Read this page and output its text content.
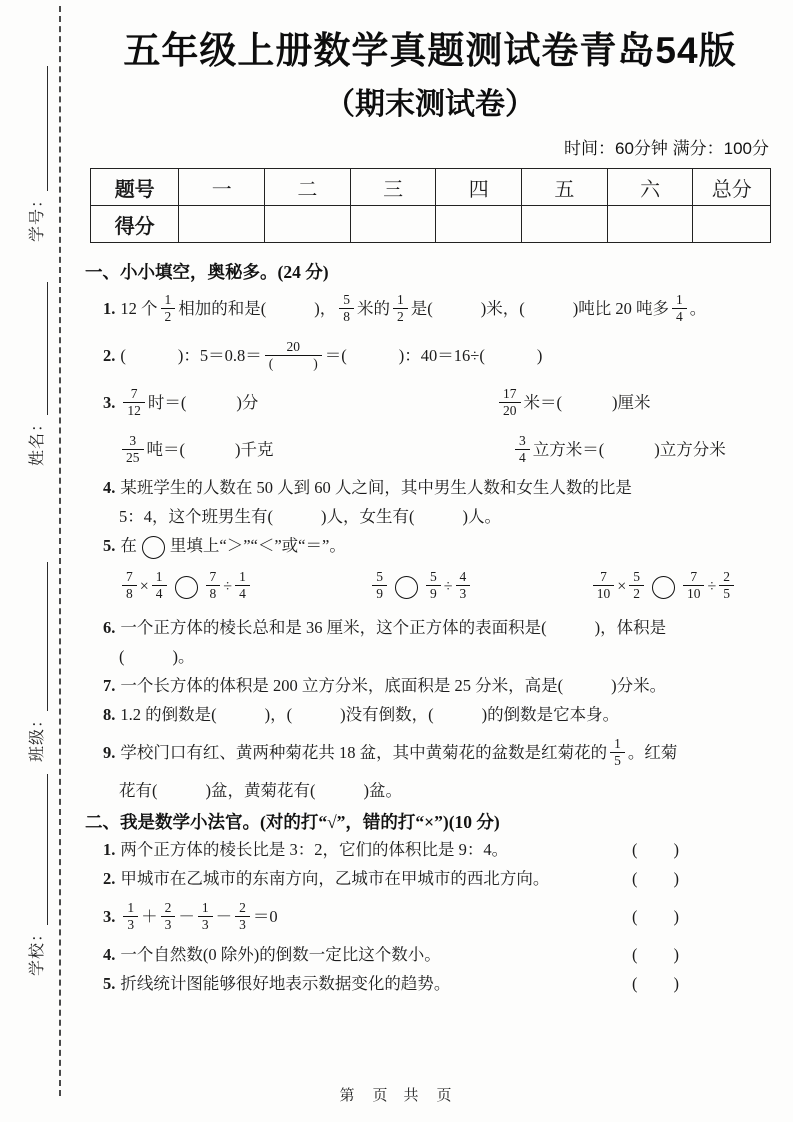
学号：
姓名：
班级：
学校：
五年级上册数学真题测试卷青岛54版
（期末测试卷）
时间：60分钟 满分：100分
题号	一	二	三	四	五	六	总分
得分							
一、小小填空，奥秘多。(24 分)
1. 12 个 $\frac{1}{2}$ 相加的和是(	)， $\frac{5}{8}$ 米的 $\frac{1}{2}$ 是(	)米，(	)吨比 20 吨多 $\frac{1}{4}$ 。
2. (	)：5＝0.8＝ 20
(	) ＝(	)：40＝16÷(	)
3. $\frac{7}{12}$ 时＝(	)分	$\frac{17}{20}$ 米＝(	)厘米
$\frac{3}{25}$ 吨＝(	)千克	$\frac{3}{4}$ 立方米＝(	)立方分米
4. 某班学生的人数在 50 人到 60 人之间，其中男生人数和女生人数的比是
5：4，这个班男生有(	)人，女生有(	)人。
5. 在 里填上“＞”“＜”或“＝”。
$\frac{7}{8} \times \frac{1}{4}$	$\frac{7}{8} \div \frac{1}{4}$	$\frac{5}{9}$	$\frac{5}{9} \div \frac{4}{3}$	$\frac{7}{10} \times \frac{5}{2}$	$\frac{7}{10} \div \frac{2}{5}$
6. 一个正方体的棱长总和是 36 厘米，这个正方体的表面积是(	)，体积是
(	)。
7. 一个长方体的体积是 200 立方分米，底面积是 25 分米，高是(	)分米。
8. 1.2 的倒数是(	)，(	)没有倒数，(	)的倒数是它本身。
9. 学校门口有红、黄两种菊花共 18 盆，其中黄菊花的盆数是红菊花的 $\frac{1}{5}$ 。红菊
花有(	)盆，黄菊花有(	)盆。
二、我是数学小法官。(对的打“√”，错的打“×”)(10 分)
1. 两个正方体的棱长比是 3：2，它们的体积比是 9：4。	( )
2. 甲城市在乙城市的东南方向，乙城市在甲城市的西北方向。	( )
3. $\frac{1}{3} + \frac{2}{3} - \frac{1}{3} - \frac{2}{3} =0$	( )
4. 一个自然数(0 除外)的倒数一定比这个数小。	( )
5. 折线统计图能够很好地表示数据变化的趋势。	( )
第 页 共 页
